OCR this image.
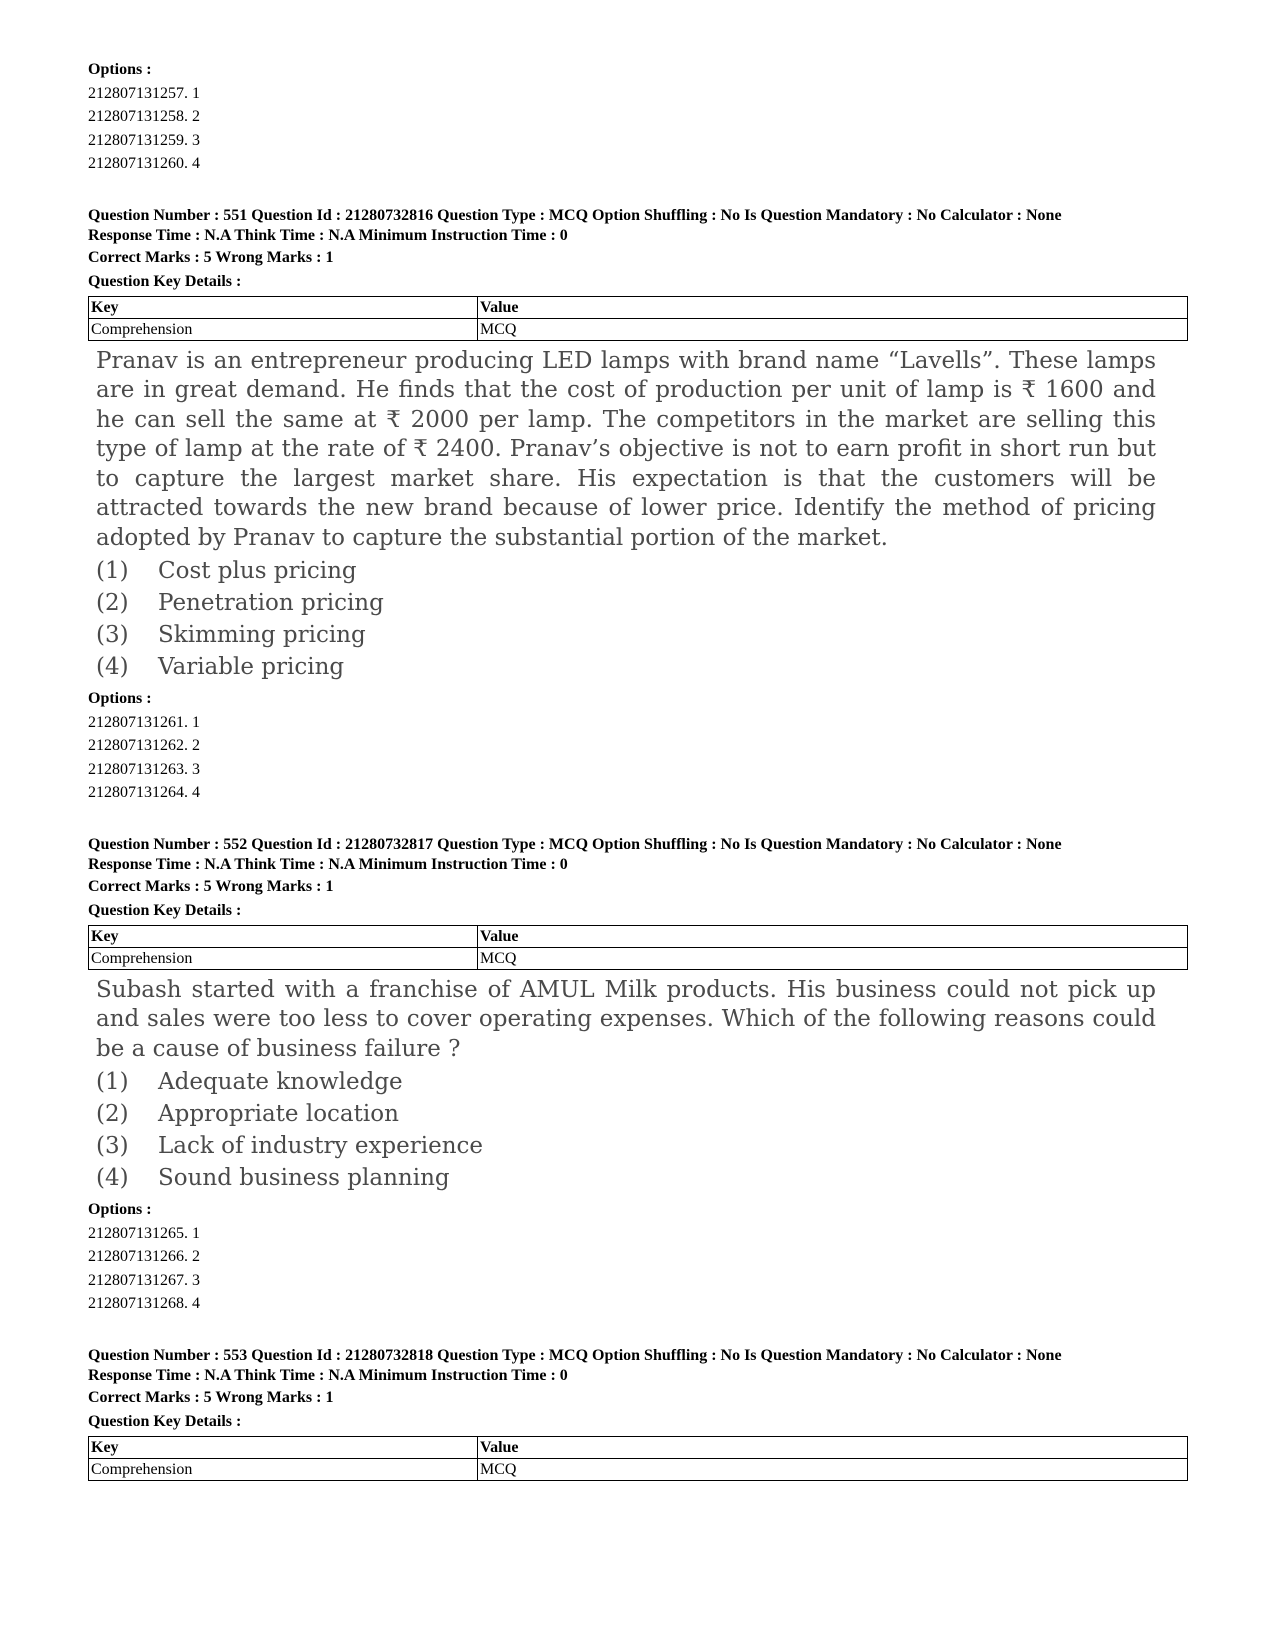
Options :
212807131257. 1
212807131258. 2
212807131259. 3
212807131260. 4
Question Number : 551 Question Id : 21280732816 Question Type : MCQ Option Shuffling : No Is Question Mandatory : No Calculator : None
Response Time : N.A Think Time : N.A Minimum Instruction Time : 0
Correct Marks : 5 Wrong Marks : 1
Question Key Details :
Key	Value
Comprehension	MCQ
Pranav is an entrepreneur producing LED lamps with brand name “Lavells”. These lamps are in great demand. He finds that the cost of production per unit of lamp is ₹ 1600 and he can sell the same at ₹ 2000 per lamp. The competitors in the market are selling this type of lamp at the rate of ₹ 2400. Pranav’s objective is not to earn profit in short run but to capture the largest market share. His expectation is that the customers will be attracted towards the new brand because of lower price. Identify the method of pricing adopted by Pranav to capture the substantial portion of the market.
(1)	Cost plus pricing
(2)	Penetration pricing
(3)	Skimming pricing
(4)	Variable pricing
Options :
212807131261. 1
212807131262. 2
212807131263. 3
212807131264. 4
Question Number : 552 Question Id : 21280732817 Question Type : MCQ Option Shuffling : No Is Question Mandatory : No Calculator : None
Response Time : N.A Think Time : N.A Minimum Instruction Time : 0
Correct Marks : 5 Wrong Marks : 1
Question Key Details :
Key	Value
Comprehension	MCQ
Subash started with a franchise of AMUL Milk products. His business could not pick up and sales were too less to cover operating expenses. Which of the following reasons could be a cause of business failure ?
(1)	Adequate knowledge
(2)	Appropriate location
(3)	Lack of industry experience
(4)	Sound business planning
Options :
212807131265. 1
212807131266. 2
212807131267. 3
212807131268. 4
Question Number : 553 Question Id : 21280732818 Question Type : MCQ Option Shuffling : No Is Question Mandatory : No Calculator : None
Response Time : N.A Think Time : N.A Minimum Instruction Time : 0
Correct Marks : 5 Wrong Marks : 1
Question Key Details :
Key	Value
Comprehension	MCQ
